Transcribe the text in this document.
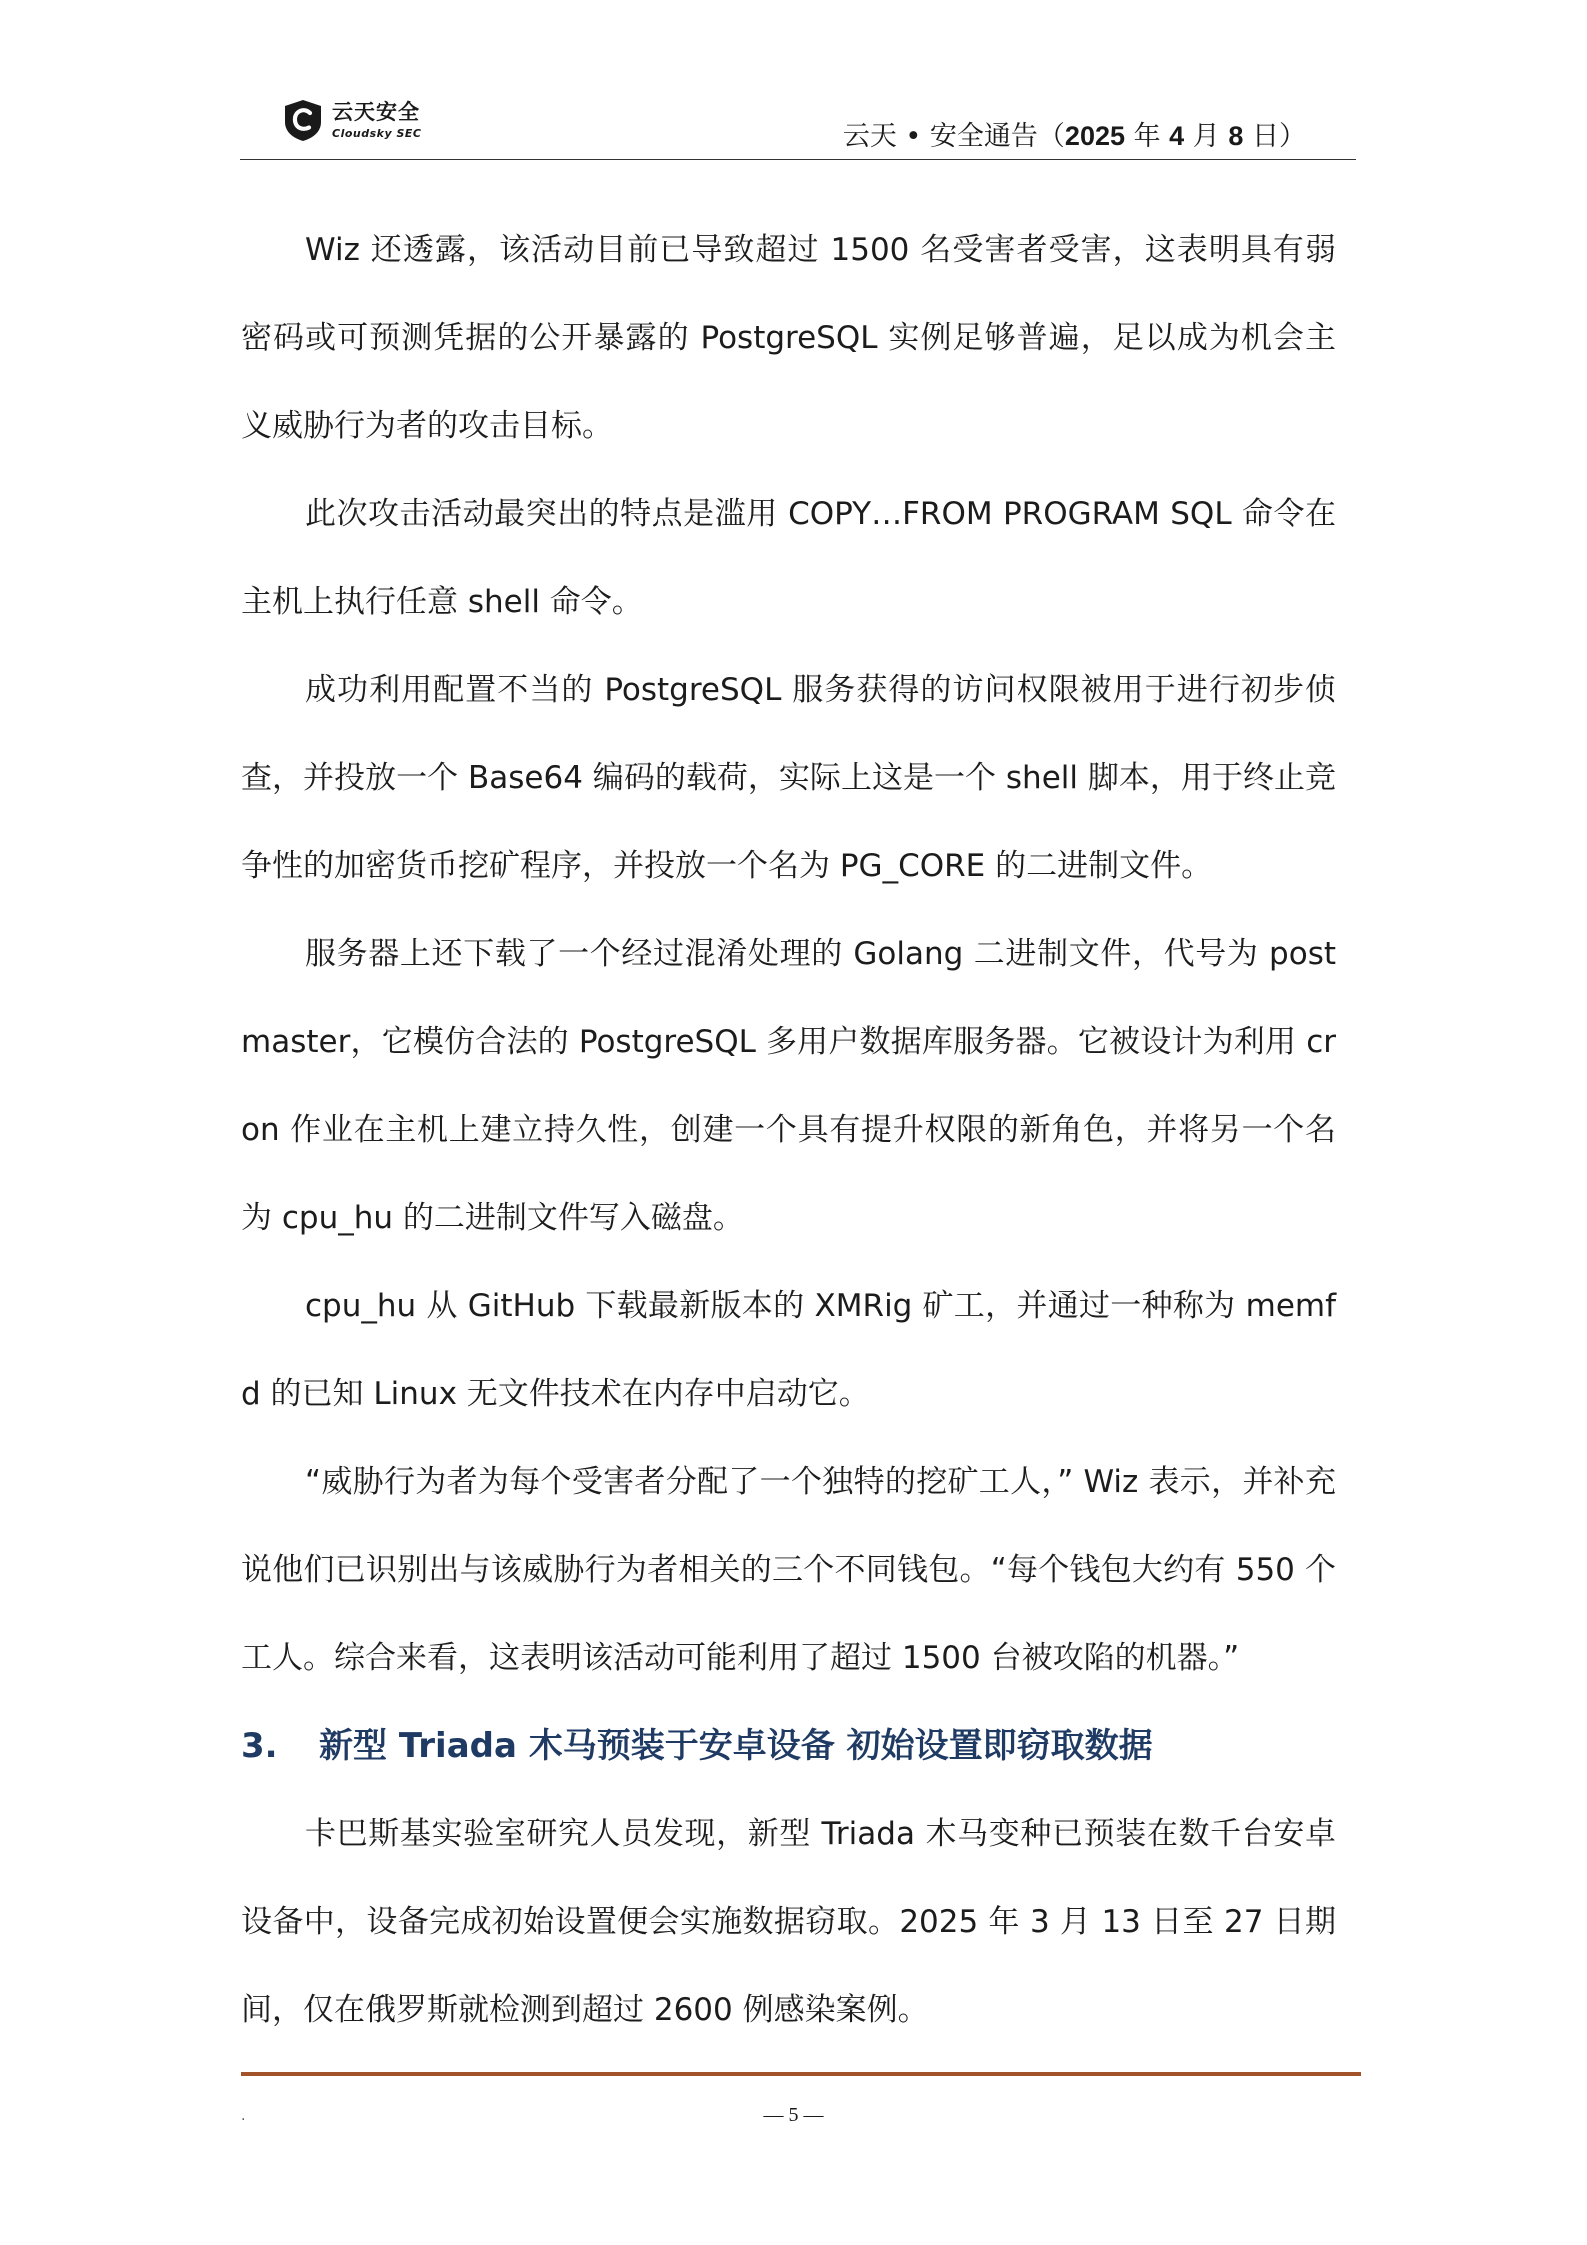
云天安全
Cloudsky SEC	云天 • 安全通告（2025 年 4 月 8 日）

Wiz 还透露，该活动目前已导致超过 1500 名受害者受害，这表明具有弱密码或可预测凭据的公开暴露的 PostgreSQL 实例足够普遍，足以成为机会主义威胁行为者的攻击目标。

此次攻击活动最突出的特点是滥用 COPY…FROM PROGRAM SQL 命令在主机上执行任意 shell 命令。

成功利用配置不当的 PostgreSQL 服务获得的访问权限被用于进行初步侦查，并投放一个 Base64 编码的载荷，实际上这是一个 shell 脚本，用于终止竞争性的加密货币挖矿程序，并投放一个名为 PG_CORE 的二进制文件。

服务器上还下载了一个经过混淆处理的 Golang 二进制文件，代号为 postmaster，它模仿合法的 PostgreSQL 多用户数据库服务器。它被设计为利用 cron 作业在主机上建立持久性，创建一个具有提升权限的新角色，并将另一个名为 cpu_hu 的二进制文件写入磁盘。

cpu_hu 从 GitHub 下载最新版本的 XMRig 矿工，并通过一种称为 memfd 的已知 Linux 无文件技术在内存中启动它。

“威胁行为者为每个受害者分配了一个独特的挖矿工人，” Wiz 表示，并补充说他们已识别出与该威胁行为者相关的三个不同钱包。“每个钱包大约有 550 个工人。综合来看，这表明该活动可能利用了超过 1500 台被攻陷的机器。”

3. 新型 Triada 木马预装于安卓设备 初始设置即窃取数据

卡巴斯基实验室研究人员发现，新型 Triada 木马变种已预装在数千台安卓设备中，设备完成初始设置便会实施数据窃取。2025 年 3 月 13 日至 27 日期间，仅在俄罗斯就检测到超过 2600 例感染案例。

.	— 5 —
